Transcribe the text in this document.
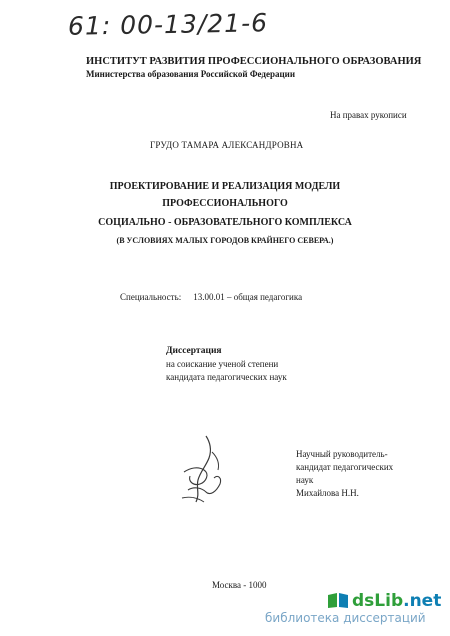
61: 00-13/21-6
ИНСТИТУТ РАЗВИТИЯ ПРОФЕССИОНАЛЬНОГО ОБРАЗОВАНИЯ
Министерства образования Российской Федерации
На правах рукописи
ГРУДО ТАМАРА АЛЕКСАНДРОВНА
ПРОЕКТИРОВАНИЕ И РЕАЛИЗАЦИЯ МОДЕЛИ
ПРОФЕССИОНАЛЬНОГО
СОЦИАЛЬНО - ОБРАЗОВАТЕЛЬНОГО КОМПЛЕКСА
(В УСЛОВИЯХ МАЛЫХ ГОРОДОВ КРАЙНЕГО СЕВЕРА.)
Специальность: 13.00.01 – общая педагогика
Диссертация
на соискание ученой степени
кандидата педагогических наук
Научный руководитель-
кандидат педагогических
наук
Михайлова Н.Н.
Москва - 1000
dsLib.net
библиотека диссертаций
